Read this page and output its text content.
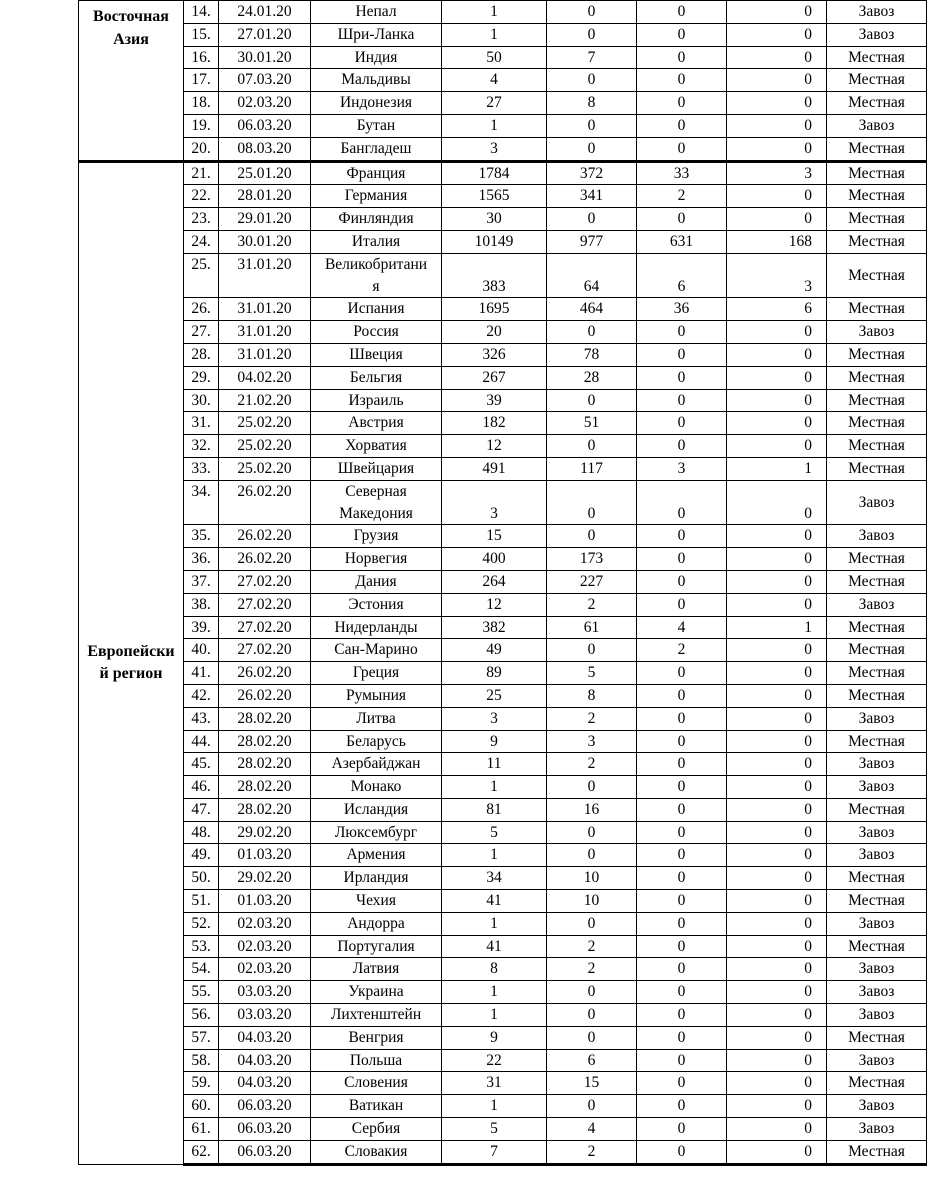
Восточная Азия	14.	24.01.20	Непал	1	0	0	0	Завоз
	15.	27.01.20	Шри-Ланка	1	0	0	0	Завоз
	16.	30.01.20	Индия	50	7	0	0	Местная
	17.	07.03.20	Мальдивы	4	0	0	0	Местная
	18.	02.03.20	Индонезия	27	8	0	0	Местная
	19.	06.03.20	Бутан	1	0	0	0	Завоз
	20.	08.03.20	Бангладеш	3	0	0	0	Местная
Европейский регион	21.	25.01.20	Франция	1784	372	33	3	Местная
	22.	28.01.20	Германия	1565	341	2	0	Местная
	23.	29.01.20	Финляндия	30	0	0	0	Местная
	24.	30.01.20	Италия	10149	977	631	168	Местная
	25.	31.01.20	Великобритания	383	64	6	3	Местная
	26.	31.01.20	Испания	1695	464	36	6	Местная
	27.	31.01.20	Россия	20	0	0	0	Завоз
	28.	31.01.20	Швеция	326	78	0	0	Местная
	29.	04.02.20	Бельгия	267	28	0	0	Местная
	30.	21.02.20	Израиль	39	0	0	0	Местная
	31.	25.02.20	Австрия	182	51	0	0	Местная
	32.	25.02.20	Хорватия	12	0	0	0	Местная
	33.	25.02.20	Швейцария	491	117	3	1	Местная
	34.	26.02.20	Северная Македония	3	0	0	0	Завоз
	35.	26.02.20	Грузия	15	0	0	0	Завоз
	36.	26.02.20	Норвегия	400	173	0	0	Местная
	37.	27.02.20	Дания	264	227	0	0	Местная
	38.	27.02.20	Эстония	12	2	0	0	Завоз
	39.	27.02.20	Нидерланды	382	61	4	1	Местная
	40.	27.02.20	Сан-Марино	49	0	2	0	Местная
	41.	26.02.20	Греция	89	5	0	0	Местная
	42.	26.02.20	Румыния	25	8	0	0	Местная
	43.	28.02.20	Литва	3	2	0	0	Завоз
	44.	28.02.20	Беларусь	9	3	0	0	Местная
	45.	28.02.20	Азербайджан	11	2	0	0	Завоз
	46.	28.02.20	Монако	1	0	0	0	Завоз
	47.	28.02.20	Исландия	81	16	0	0	Местная
	48.	29.02.20	Люксембург	5	0	0	0	Завоз
	49.	01.03.20	Армения	1	0	0	0	Завоз
	50.	29.02.20	Ирландия	34	10	0	0	Местная
	51.	01.03.20	Чехия	41	10	0	0	Местная
	52.	02.03.20	Андорра	1	0	0	0	Завоз
	53.	02.03.20	Португалия	41	2	0	0	Местная
	54.	02.03.20	Латвия	8	2	0	0	Завоз
	55.	03.03.20	Украина	1	0	0	0	Завоз
	56.	03.03.20	Лихтенштейн	1	0	0	0	Завоз
	57.	04.03.20	Венгрия	9	0	0	0	Местная
	58.	04.03.20	Польша	22	6	0	0	Завоз
	59.	04.03.20	Словения	31	15	0	0	Местная
	60.	06.03.20	Ватикан	1	0	0	0	Завоз
	61.	06.03.20	Сербия	5	4	0	0	Завоз
	62.	06.03.20	Словакия	7	2	0	0	Местная
